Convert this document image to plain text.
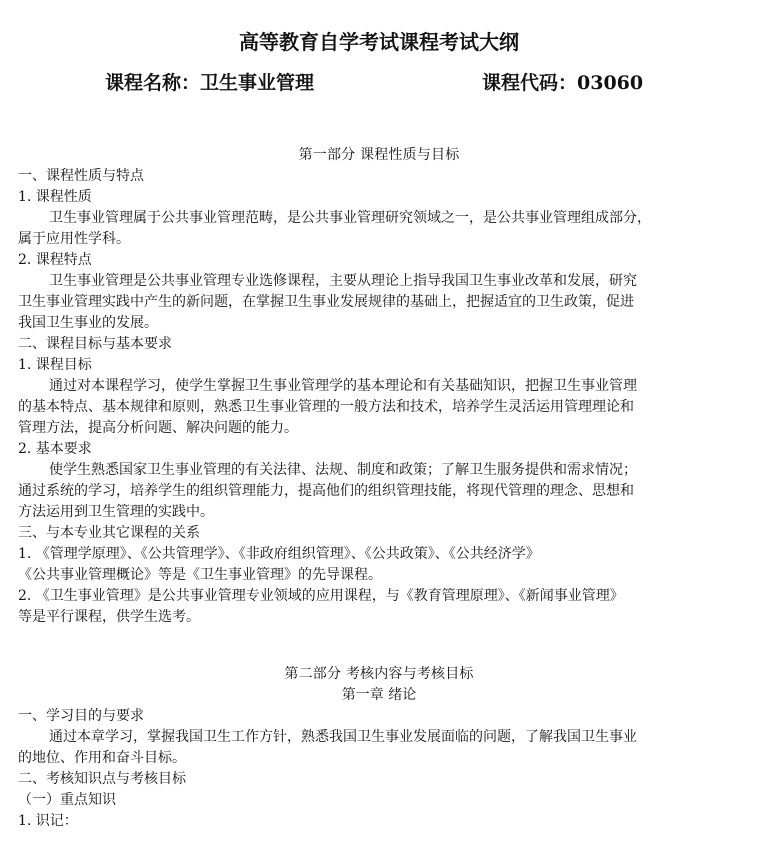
高等教育自学考试课程考试大纲
课程名称：卫生事业管理	课程代码：03060
第一部分 课程性质与目标
一、课程性质与特点
1. 课程性质
卫生事业管理属于公共事业管理范畴，是公共事业管理研究领域之一，是公共事业管理组成部分，
属于应用性学科。
2. 课程特点
卫生事业管理是公共事业管理专业选修课程，主要从理论上指导我国卫生事业改革和发展，研究
卫生事业管理实践中产生的新问题，在掌握卫生事业发展规律的基础上，把握适宜的卫生政策，促进
我国卫生事业的发展。
二、课程目标与基本要求
1. 课程目标
通过对本课程学习，使学生掌握卫生事业管理学的基本理论和有关基础知识，把握卫生事业管理
的基本特点、基本规律和原则，熟悉卫生事业管理的一般方法和技术，培养学生灵活运用管理理论和
管理方法，提高分析问题、解决问题的能力。
2. 基本要求
使学生熟悉国家卫生事业管理的有关法律、法规、制度和政策；了解卫生服务提供和需求情况；
通过系统的学习，培养学生的组织管理能力，提高他们的组织管理技能，将现代管理的理念、思想和
方法运用到卫生管理的实践中。
三、与本专业其它课程的关系
1. 《管理学原理》、《公共管理学》、《非政府组织管理》、《公共政策》、《公共经济学》
《公共事业管理概论》等是《卫生事业管理》的先导课程。
2. 《卫生事业管理》是公共事业管理专业领域的应用课程，与《教育管理原理》、《新闻事业管理》
等是平行课程，供学生选考。
第二部分 考核内容与考核目标
第一章 绪论
一、学习目的与要求
通过本章学习，掌握我国卫生工作方针，熟悉我国卫生事业发展面临的问题，了解我国卫生事业
的地位、作用和奋斗目标。
二、考核知识点与考核目标
（一）重点知识
1. 识记：
